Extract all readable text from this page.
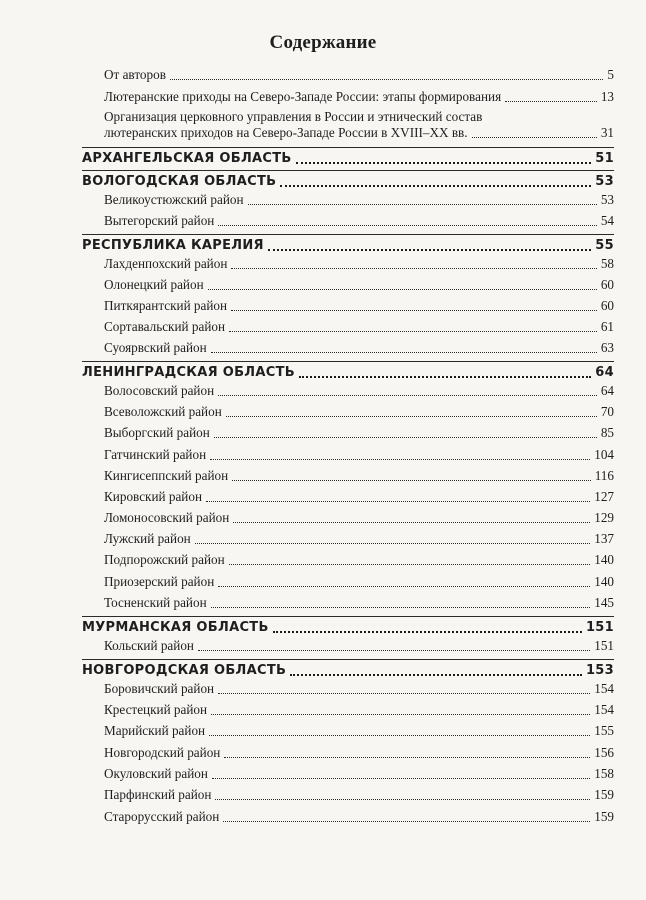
Содержание
От авторов	5
Лютеранские приходы на Северо-Западе России: этапы формирования	13
Организация церковного управления в России и этнический состав
лютеранских приходов на Северо-Западе России в XVIII–XX вв.	31
АРХАНГЕЛЬСКАЯ ОБЛАСТЬ	51
ВОЛОГОДСКАЯ ОБЛАСТЬ	53
Великоустюжский район	53
Вытегорский район	54
РЕСПУБЛИКА КАРЕЛИЯ	55
Лахденпохский район	58
Олонецкий район	60
Питкярантский район	60
Сортавальский район	61
Суоярвский район	63
ЛЕНИНГРАДСКАЯ ОБЛАСТЬ	64
Волосовский район	64
Всеволожский район	70
Выборгский район	85
Гатчинский район	104
Кингисеппский район	116
Кировский район	127
Ломоносовский район	129
Лужский район	137
Подпорожский район	140
Приозерский район	140
Тосненский район	145
МУРМАНСКАЯ ОБЛАСТЬ	151
Кольский район	151
НОВГОРОДСКАЯ ОБЛАСТЬ	153
Боровичский район	154
Крестецкий район	154
Марийский район	155
Новгородский район	156
Окуловский район	158
Парфинский район	159
Старорусский район	159
